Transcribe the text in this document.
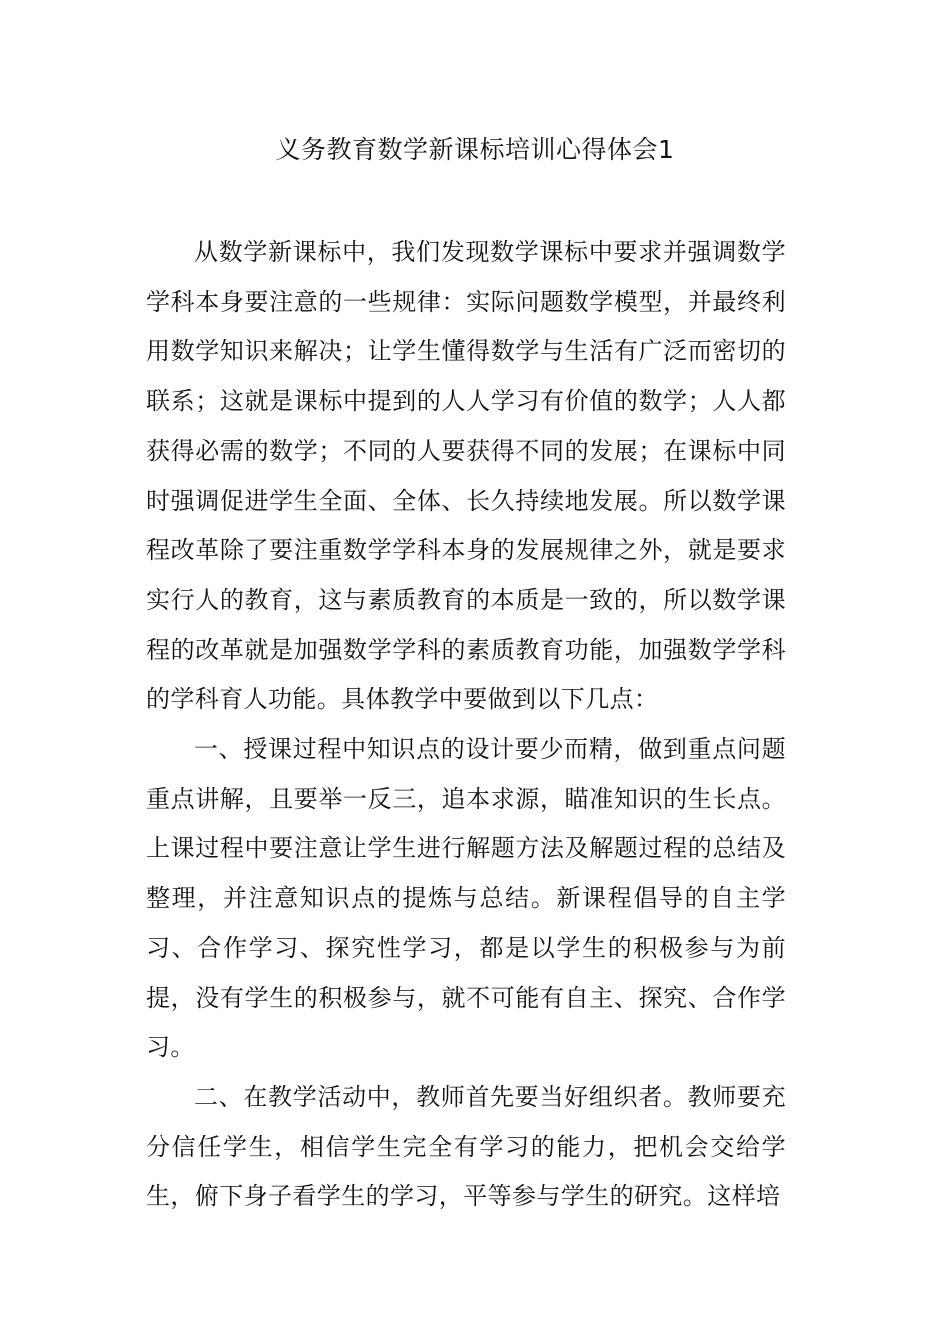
义务教育数学新课标培训心得体会1

从数学新课标中，我们发现数学课标中要求并强调数学学科本身要注意的一些规律：实际问题数学模型，并最终利用数学知识来解决；让学生懂得数学与生活有广泛而密切的联系；这就是课标中提到的人人学习有价值的数学；人人都获得必需的数学；不同的人要获得不同的发展；在课标中同时强调促进学生全面、全体、长久持续地发展。所以数学课程改革除了要注重数学学科本身的发展规律之外，就是要求实行人的教育，这与素质教育的本质是一致的，所以数学课程的改革就是加强数学学科的素质教育功能，加强数学学科的学科育人功能。具体教学中要做到以下几点：

一、授课过程中知识点的设计要少而精，做到重点问题重点讲解，且要举一反三，追本求源，瞄准知识的生长点。上课过程中要注意让学生进行解题方法及解题过程的总结及整理，并注意知识点的提炼与总结。新课程倡导的自主学习、合作学习、探究性学习，都是以学生的积极参与为前提，没有学生的积极参与，就不可能有自主、探究、合作学习。

二、在教学活动中，教师首先要当好组织者。教师要充分信任学生，相信学生完全有学习的能力，把机会交给学生，俯下身子看学生的学习，平等参与学生的研究。这样培
